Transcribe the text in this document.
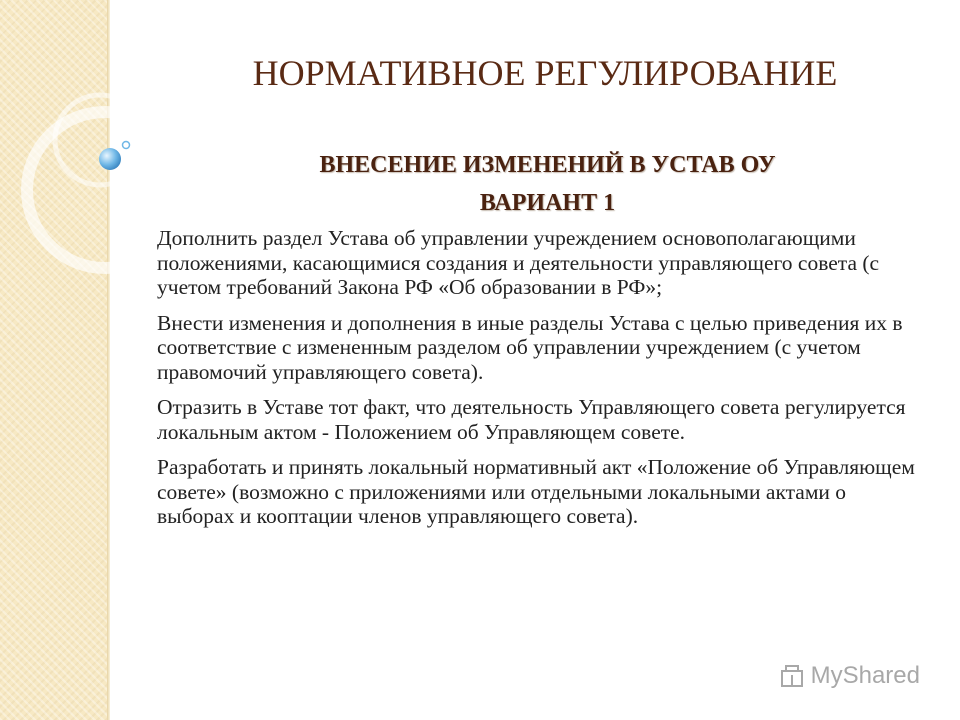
НОРМАТИВНОЕ РЕГУЛИРОВАНИЕ
ВНЕСЕНИЕ ИЗМЕНЕНИЙ В УСТАВ ОУ
ВАРИАНТ 1

Дополнить раздел Устава об управлении учреждением основополагающими положениями, касающимися создания и деятельности управляющего совета (с учетом требований Закона РФ «Об образовании в РФ»;

Внести изменения и дополнения в иные разделы Устава с целью приведения их в соответствие с измененным разделом об управлении учреждением (с учетом правомочий управляющего совета).

Отразить в Уставе тот факт, что деятельность Управляющего совета регулируется локальным актом - Положением об Управляющем совете.

Разработать и принять локальный нормативный акт «Положение об Управляющем совете» (возможно с приложениями или отдельными локальными актами о выборах и кооптации членов управляющего совета).

MyShared
